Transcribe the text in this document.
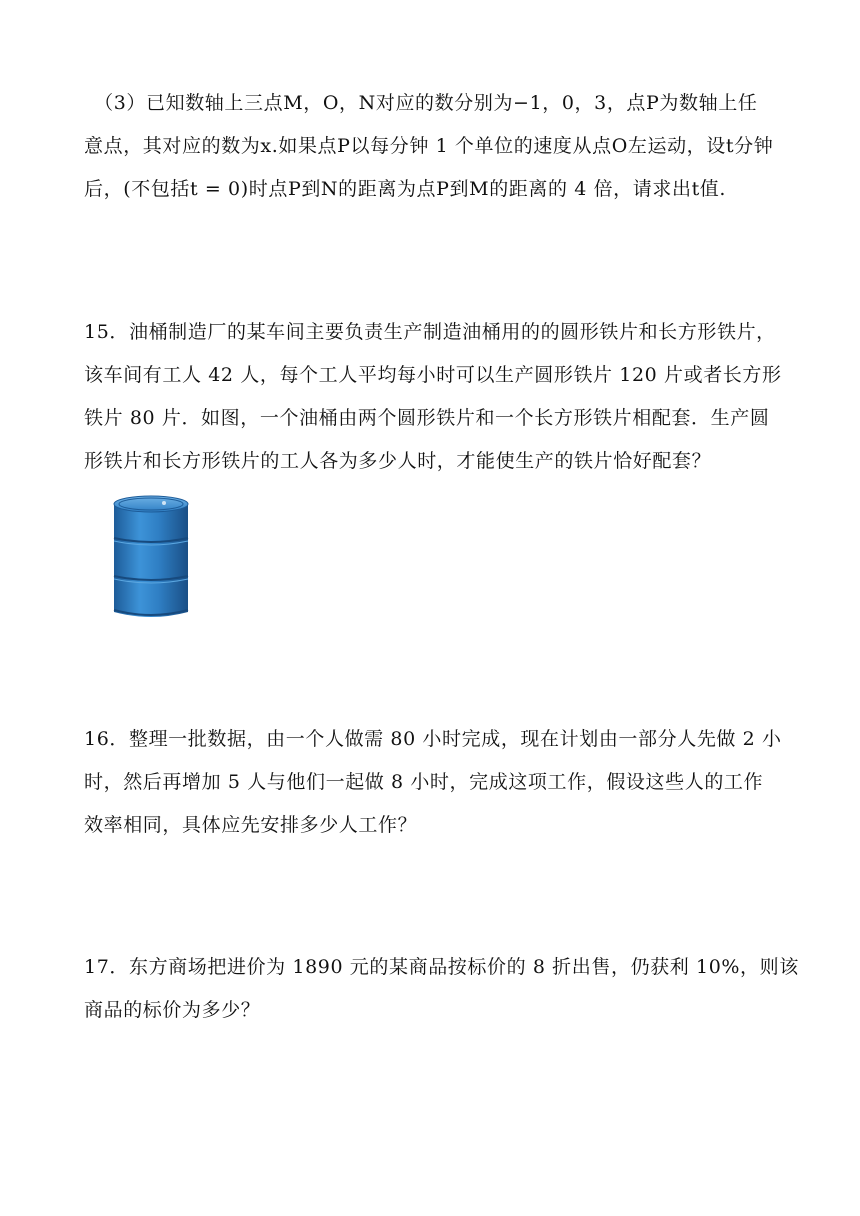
　（3）已知数轴上三点M，O，N对应的数分别为−1，0，3，点P为数轴上任
意点，其对应的数为x.如果点P以每分钟 1 个单位的速度从点O左运动，设t分钟
后，(不包括t = 0)时点P到N的距离为点P到M的距离的 4 倍，请求出t值.

15．油桶制造厂的某车间主要负责生产制造油桶用的的圆形铁片和长方形铁片，
该车间有工人 42 人，每个工人平均每小时可以生产圆形铁片 120 片或者长方形
铁片 80 片．如图，一个油桶由两个圆形铁片和一个长方形铁片相配套．生产圆
形铁片和长方形铁片的工人各为多少人时，才能使生产的铁片恰好配套？

16．整理一批数据，由一个人做需 80 小时完成，现在计划由一部分人先做 2 小
时，然后再增加 5 人与他们一起做 8 小时，完成这项工作，假设这些人的工作
效率相同，具体应先安排多少人工作？

17．东方商场把进价为 1890 元的某商品按标价的 8 折出售，仍获利 10%，则该
商品的标价为多少？
